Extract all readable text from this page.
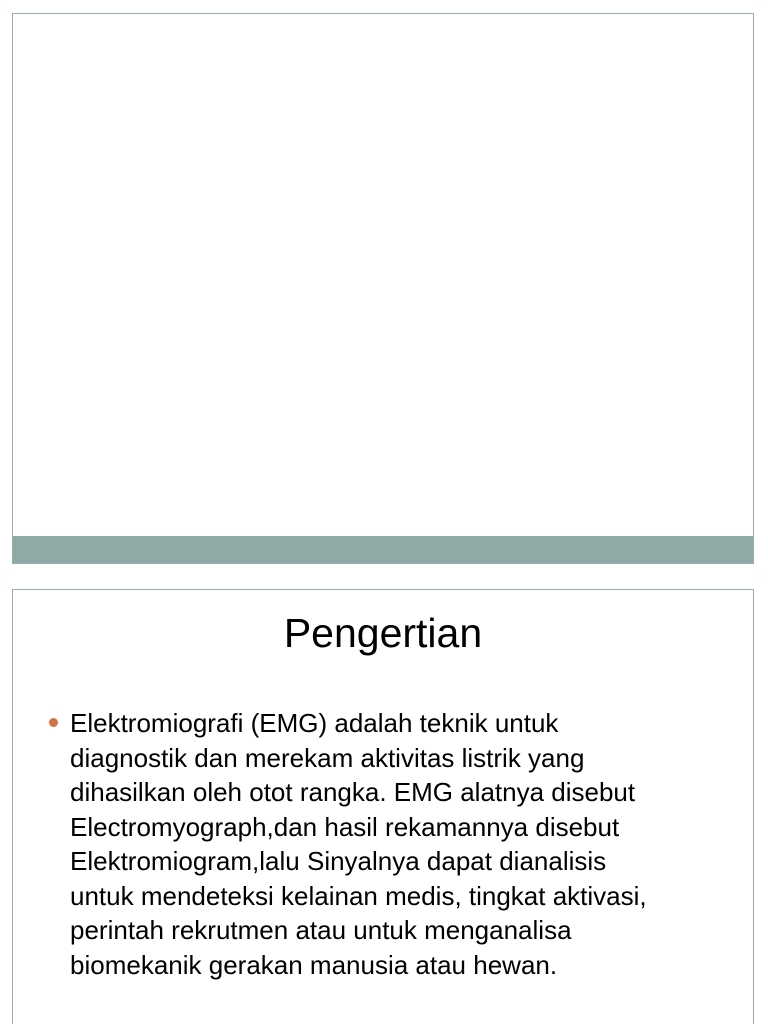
Pengertian
Elektromiografi (EMG) adalah teknik untuk
diagnostik dan merekam aktivitas listrik yang
dihasilkan oleh otot rangka. EMG alatnya disebut
Electromyograph,dan hasil rekamannya disebut
Elektromiogram,lalu Sinyalnya dapat dianalisis
untuk mendeteksi kelainan medis, tingkat aktivasi,
perintah rekrutmen atau untuk menganalisa
biomekanik gerakan manusia atau hewan.
